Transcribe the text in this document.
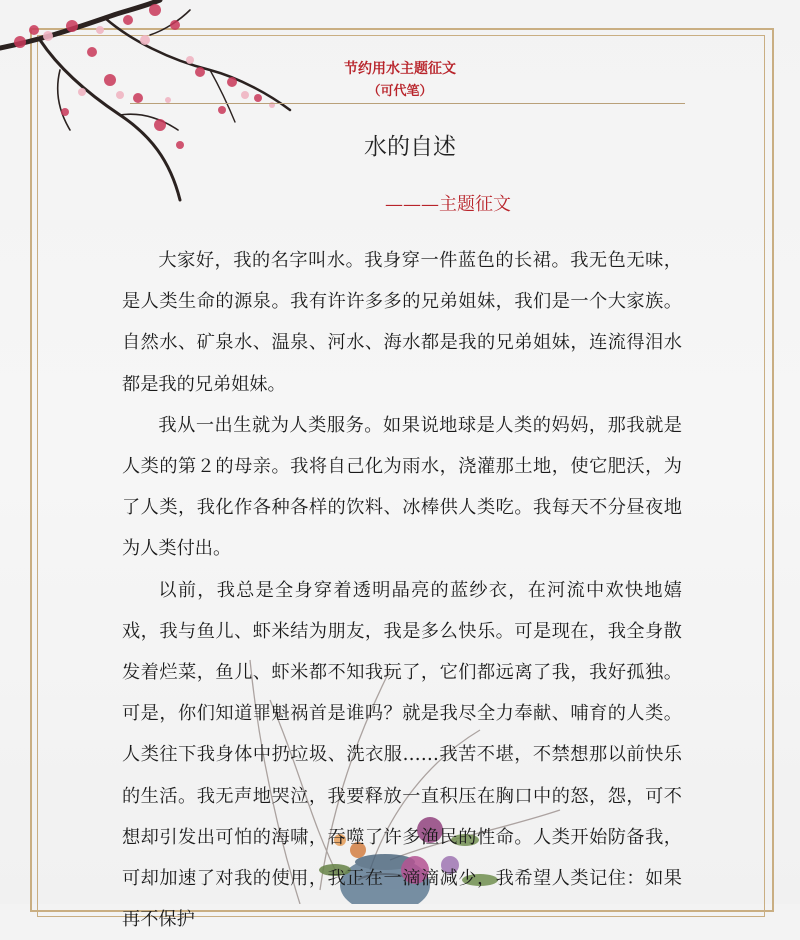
节约用水主题征文
（可代笔）
水的自述
———主题征文

大家好，我的名字叫水。我身穿一件蓝色的长裙。我无色无味，是人类生命的源泉。我有许许多多的兄弟姐妹，我们是一个大家族。自然水、矿泉水、温泉、河水、海水都是我的兄弟姐妹，连流得泪水都是我的兄弟姐妹。

我从一出生就为人类服务。如果说地球是人类的妈妈，那我就是人类的第２的母亲。我将自己化为雨水，浇灌那土地，使它肥沃，为了人类，我化作各种各样的饮料、冰棒供人类吃。我每天不分昼夜地为人类付出。

以前，我总是全身穿着透明晶亮的蓝纱衣，在河流中欢快地嬉戏，我与鱼儿、虾米结为朋友，我是多么快乐。可是现在，我全身散发着烂菜，鱼儿、虾米都不知我玩了，它们都远离了我，我好孤独。可是，你们知道罪魁祸首是谁吗？就是我尽全力奉献、哺育的人类。人类往下我身体中扔垃圾、洗衣服……我苦不堪，不禁想那以前快乐的生活。我无声地哭泣，我要释放一直积压在胸口中的怒，怨，可不想却引发出可怕的海啸，吞噬了许多渔民的性命。人类开始防备我，可却加速了对我的使用，我正在一滴滴减少，我希望人类记住：如果再不保护
